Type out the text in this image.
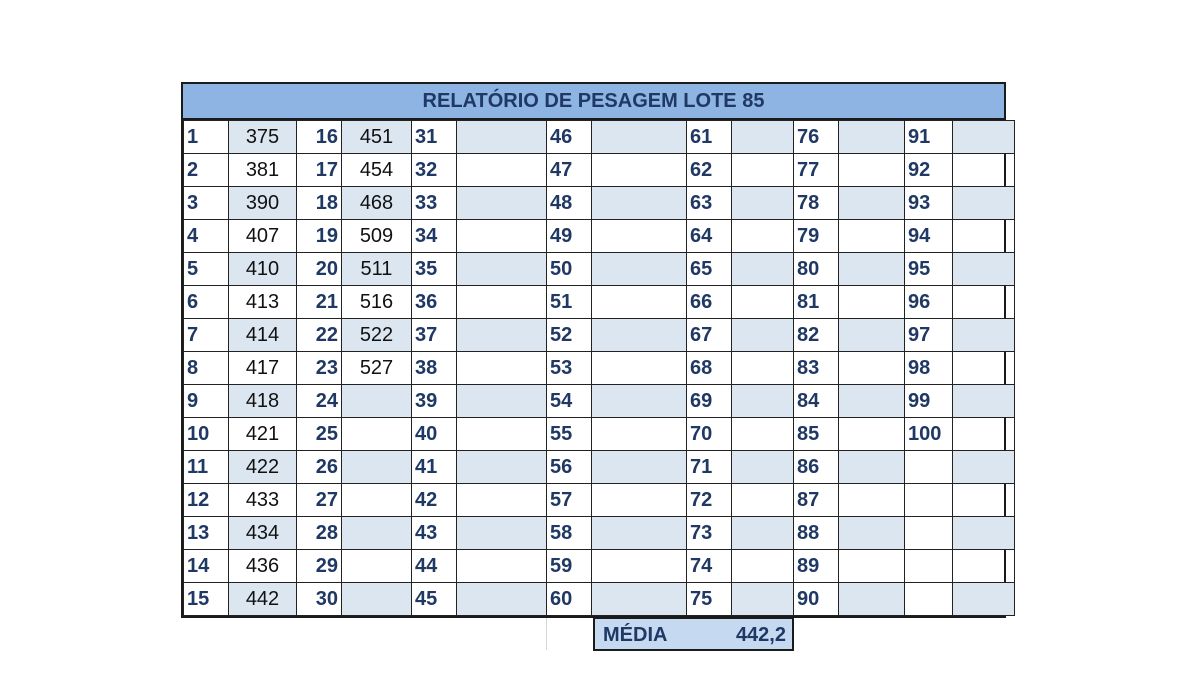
RELATÓRIO DE PESAGEM LOTE 85
1	375	16	451	31		46		61		76		91	
2	381	17	454	32		47		62		77		92	
3	390	18	468	33		48		63		78		93	
4	407	19	509	34		49		64		79		94	
5	410	20	511	35		50		65		80		95	
6	413	21	516	36		51		66		81		96	
7	414	22	522	37		52		67		82		97	
8	417	23	527	38		53		68		83		98	
9	418	24		39		54		69		84		99	
10	421	25		40		55		70		85		100	
11	422	26		41		56		71		86			
12	433	27		42		57		72		87			
13	434	28		43		58		73		88			
14	436	29		44		59		74		89			
15	442	30		45		60		75		90			
MÉDIA	442,2
